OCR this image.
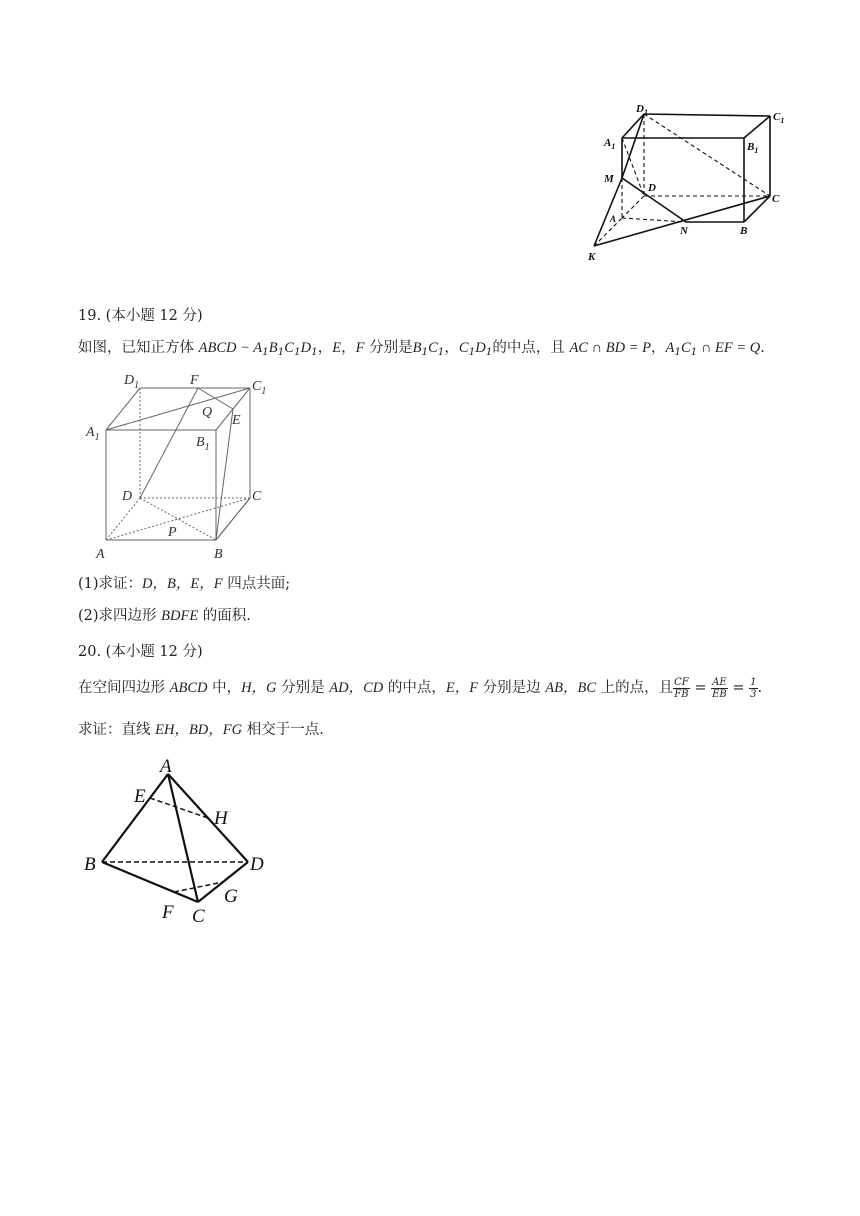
$D_1$	$C_1$
$A_1$	$B_1$
M
D
A
C
N	B
K
19. (本小题 12 分)
如图，已知正方体 ABCD − $A_1B_1C_1D_1$，E，F 分别是$B_1C_1$，$C_1D_1$的中点，且 AC ∩ BD = P，$A_1C_1$ ∩ EF = Q.
$D_1$	F	$C_1$
Q
E
$A_1$	$B_1$
D	C
P
A	B
(1)求证：D，B，E，F 四点共面;
(2)求四边形 BDFE 的面积.
20. (本小题 12 分)
在空间四边形 ABCD 中，H，G 分别是 AD，CD 的中点，E，F 分别是边 AB，BC 上的点，且 $\frac{CF}{FB} = \frac{AE}{EB} = \frac{1}{3}$ .
求证：直线 EH，BD，FG 相交于一点.
A
E
H
B	D
F C
G
